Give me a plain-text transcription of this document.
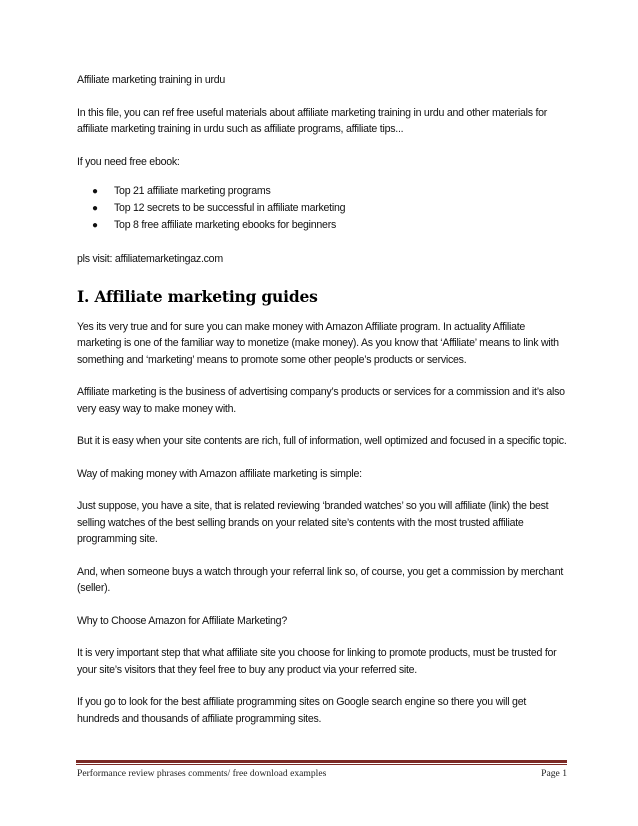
Affiliate marketing training in urdu

In this file, you can ref free useful materials about affiliate marketing training in urdu and other materials for affiliate marketing training in urdu such as affiliate programs, affiliate tips...

If you need free ebook:

● Top 21 affiliate marketing programs
● Top 12 secrets to be successful in affiliate marketing
● Top 8 free affiliate marketing ebooks for beginners

pls visit: affiliatemarketingaz.com

I. Affiliate marketing guides

Yes its very true and for sure you can make money with Amazon Affiliate program. In actuality Affiliate marketing is one of the familiar way to monetize (make money). As you know that ‘Affiliate’ means to link with something and ‘marketing’ means to promote some other people’s products or services.

Affiliate marketing is the business of advertising company’s products or services for a commission and it’s also very easy way to make money with.

But it is easy when your site contents are rich, full of information, well optimized and focused in a specific topic.

Way of making money with Amazon affiliate marketing is simple:

Just suppose, you have a site, that is related reviewing ‘branded watches’ so you will affiliate (link) the best selling watches of the best selling brands on your related site’s contents with the most trusted affiliate programming site.

And, when someone buys a watch through your referral link so, of course, you get a commission by merchant (seller).

Why to Choose Amazon for Affiliate Marketing?

It is very important step that what affiliate site you choose for linking to promote products, must be trusted for your site’s visitors that they feel free to buy any product via your referred site.

If you go to look for the best affiliate programming sites on Google search engine so there you will get hundreds and thousands of affiliate programming sites.

Performance review phrases comments/ free download examples	Page 1
